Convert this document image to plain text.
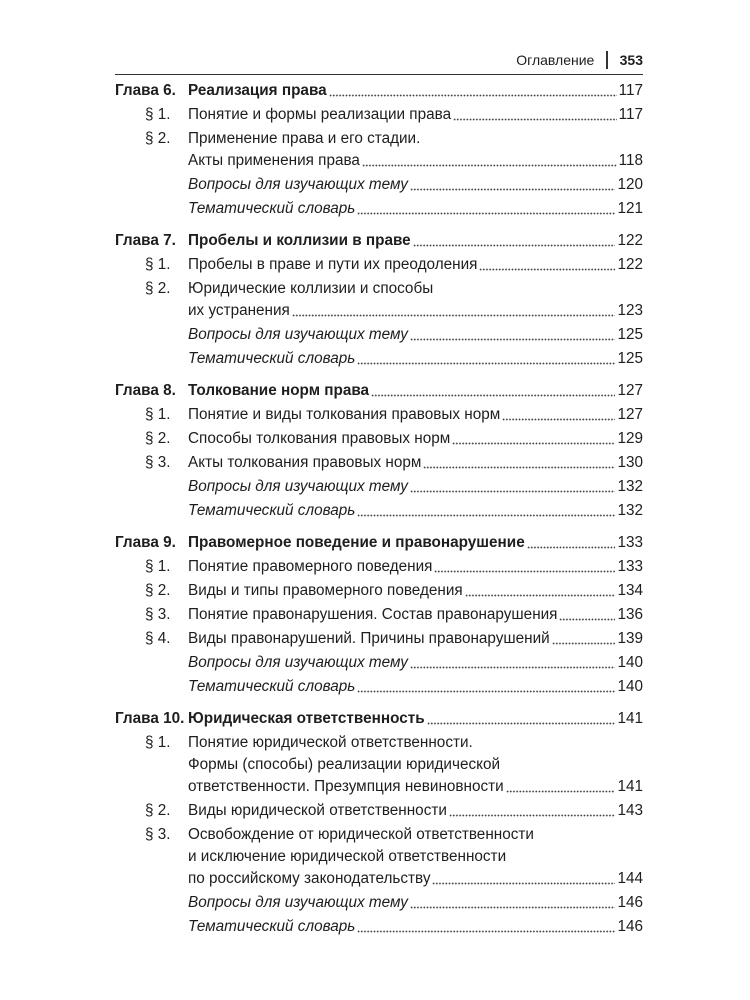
Оглавление 353
Глава 6. Реализация права	117
§ 1.	Понятие и формы реализации права	117
§ 2.	Применение права и его стадии.
Акты применения права	118
Вопросы для изучающих тему	120
Тематический словарь	121
Глава 7. Пробелы и коллизии в праве	122
§ 1.	Пробелы в праве и пути их преодоления	122
§ 2.	Юридические коллизии и способы
их устранения	123
Вопросы для изучающих тему	125
Тематический словарь	125
Глава 8. Толкование норм права	127
§ 1.	Понятие и виды толкования правовых норм	127
§ 2.	Способы толкования правовых норм	129
§ 3.	Акты толкования правовых норм	130
Вопросы для изучающих тему	132
Тематический словарь	132
Глава 9. Правомерное поведение и правонарушение	133
§ 1.	Понятие правомерного поведения	133
§ 2.	Виды и типы правомерного поведения	134
§ 3.	Понятие правонарушения. Состав правонарушения	136
§ 4.	Виды правонарушений. Причины правонарушений	139
Вопросы для изучающих тему	140
Тематический словарь	140
Глава 10. Юридическая ответственность	141
§ 1.	Понятие юридической ответственности.
Формы (способы) реализации юридической
ответственности. Презумпция невиновности	141
§ 2.	Виды юридической ответственности	143
§ 3.	Освобождение от юридической ответственности
и исключение юридической ответственности
по российскому законодательству	144
Вопросы для изучающих тему	146
Тематический словарь	146
